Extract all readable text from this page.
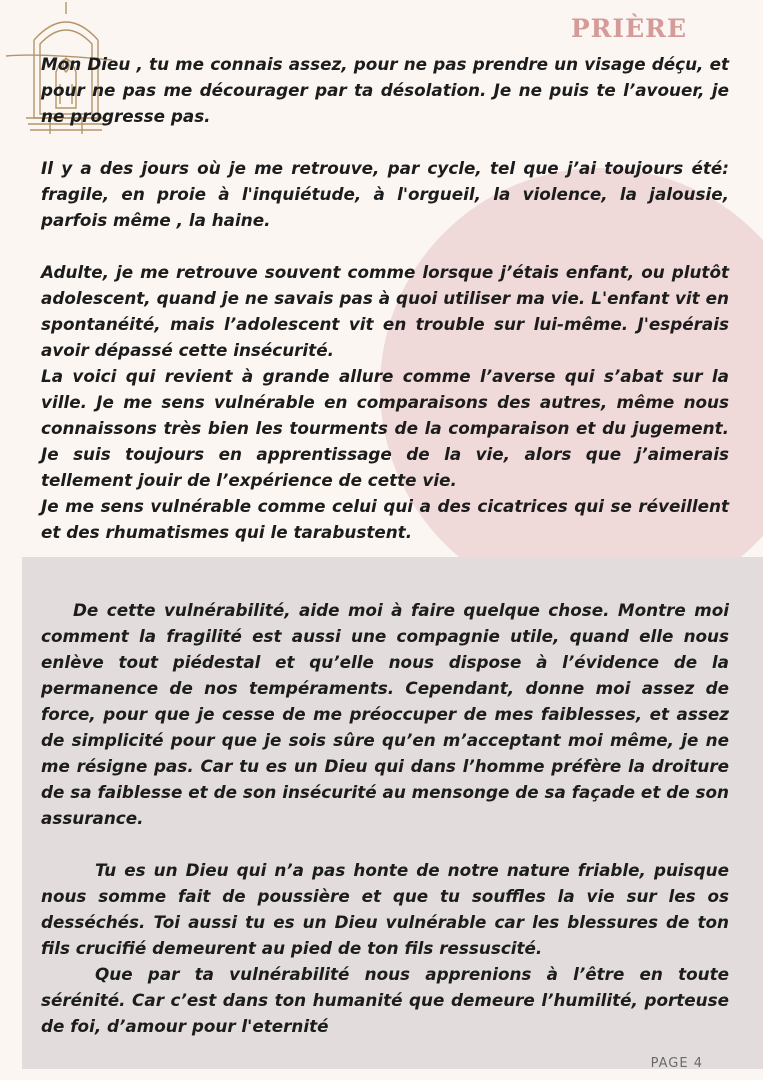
PRIÈRE

Mon Dieu , tu me connais assez, pour ne pas prendre un visage déçu, et pour ne pas me décourager par ta désolation. Je ne puis te l’avouer, je ne progresse pas.

Il y a des jours où je me retrouve, par cycle, tel que j’ai toujours été: fragile, en proie à l'inquiétude, à l'orgueil, la violence, la jalousie, parfois même , la haine.

Adulte, je me retrouve souvent comme lorsque j’étais enfant, ou plutôt adolescent, quand je ne savais pas à quoi utiliser ma vie. L'enfant vit en spontanéité, mais l’adolescent vit en trouble sur lui-même. J'espérais avoir dépassé cette insécurité.

La voici qui revient à grande allure comme l’averse qui s’abat sur la ville. Je me sens vulnérable en comparaisons des autres, même nous connaissons très bien les tourments de la comparaison et du jugement. Je suis toujours en apprentissage de la vie, alors que j’aimerais tellement jouir de l’expérience de cette vie.

Je me sens vulnérable comme celui qui a des cicatrices qui se réveillent et des rhumatismes qui le tarabustent.

De cette vulnérabilité, aide moi à faire quelque chose. Montre moi comment la fragilité est aussi une compagnie utile, quand elle nous enlève tout piédestal et qu’elle nous dispose à l’évidence de la permanence de nos tempéraments. Cependant, donne moi assez de force, pour que je cesse de me préoccuper de mes faiblesses, et assez de simplicité pour que je sois sûre qu’en m’acceptant moi même, je ne me résigne pas. Car tu es un Dieu qui dans l’homme préfère la droiture de sa faiblesse et de son insécurité au mensonge de sa façade et de son assurance.

Tu es un Dieu qui n’a pas honte de notre nature friable, puisque nous somme fait de poussière et que tu souffles la vie sur les os desséchés. Toi aussi tu es un Dieu vulnérable car les blessures de ton fils crucifié demeurent au pied de ton fils ressuscité.

Que par ta vulnérabilité nous apprenions à l’être en toute sérénité. Car c’est dans ton humanité que demeure l’humilité, porteuse de foi, d’amour pour l'eternité

PAGE 4
